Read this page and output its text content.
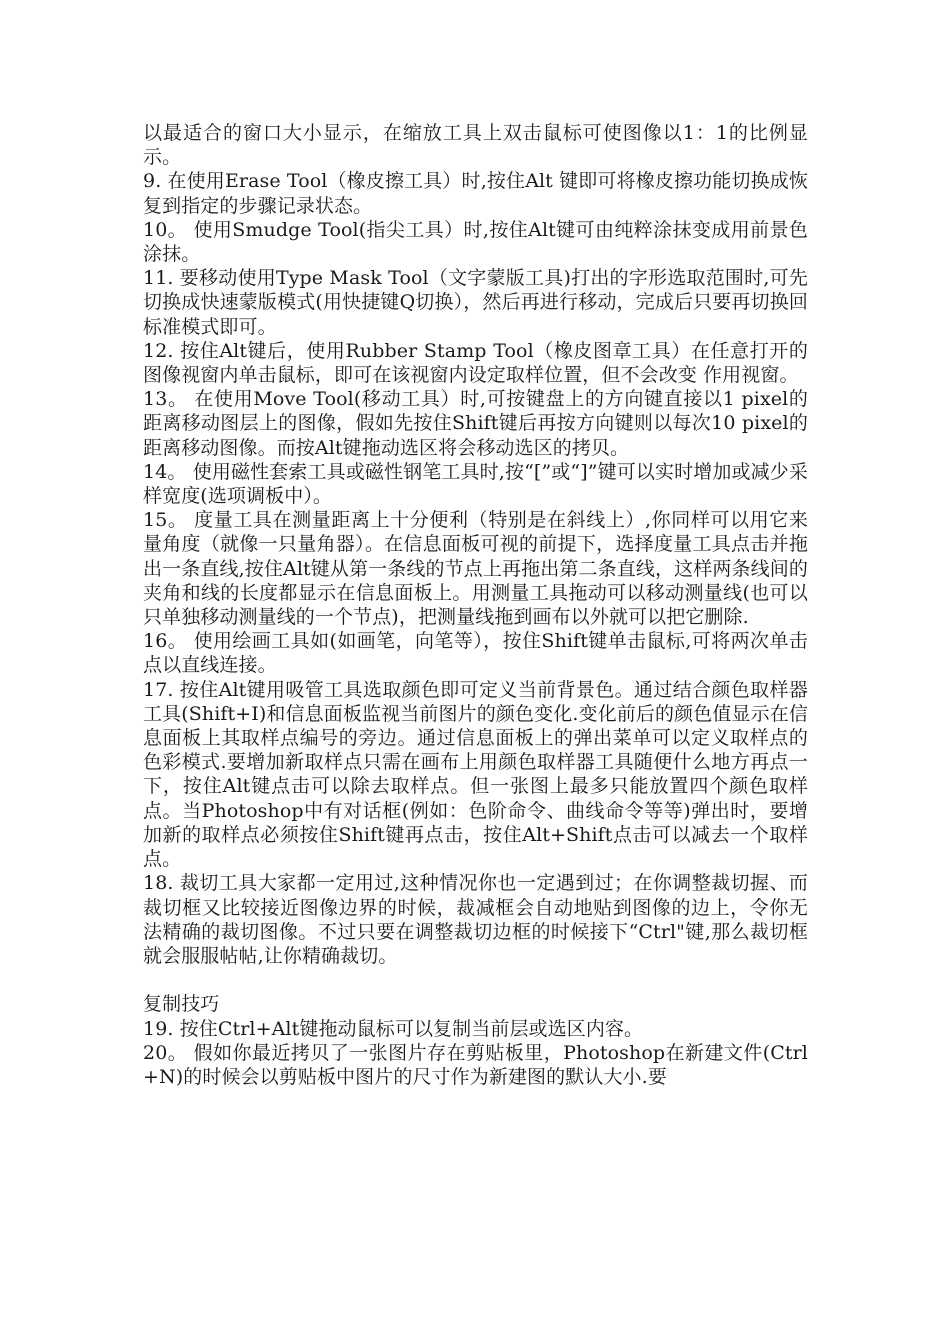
以最适合的窗口大小显示，在缩放工具上双击鼠标可使图像以1：1的比例显示。

9. 在使用Erase Tool（橡皮擦工具）时,按住Alt 键即可将橡皮擦功能切换成恢复到指定的步骤记录状态。

10。 使用Smudge Tool(指尖工具）时,按住Alt键可由纯粹涂抹变成用前景色涂抹。

11. 要移动使用Type Mask Tool（文字蒙版工具)打出的字形选取范围时,可先切换成快速蒙版模式(用快捷键Q切换），然后再进行移动，完成后只要再切换回标准模式即可。

12. 按住Alt键后，使用Rubber Stamp Tool（橡皮图章工具）在任意打开的图像视窗内单击鼠标，即可在该视窗内设定取样位置，但不会改变 作用视窗。

13。 在使用Move Tool(移动工具）时,可按键盘上的方向键直接以1 pixel的距离移动图层上的图像，假如先按住Shift键后再按方向键则以每次10 pixel的距离移动图像。而按Alt键拖动选区将会移动选区的拷贝。

14。 使用磁性套索工具或磁性钢笔工具时,按“[”或“]”键可以实时增加或减少采样宽度(选项调板中）。

15。 度量工具在测量距离上十分便利（特别是在斜线上）,你同样可以用它来量角度（就像一只量角器）。在信息面板可视的前提下，选择度量工具点击并拖出一条直线,按住Alt键从第一条线的节点上再拖出第二条直线，这样两条线间的夹角和线的长度都显示在信息面板上。用测量工具拖动可以移动测量线(也可以只单独移动测量线的一个节点)，把测量线拖到画布以外就可以把它删除.

16。 使用绘画工具如(如画笔，向笔等），按住Shift键单击鼠标,可将两次单击点以直线连接。

17. 按住Alt键用吸管工具选取颜色即可定义当前背景色。通过结合颜色取样器工具(Shift+I)和信息面板监视当前图片的颜色变化.变化前后的颜色值显示在信息面板上其取样点编号的旁边。通过信息面板上的弹出菜单可以定义取样点的色彩模式.要增加新取样点只需在画布上用颜色取样器工具随便什么地方再点一下，按住Alt键点击可以除去取样点。但一张图上最多只能放置四个颜色取样点。当Photoshop中有对话框(例如：色阶命令、曲线命令等等)弹出时，要增加新的取样点必须按住Shift键再点击，按住Alt+Shift点击可以减去一个取样点。

18. 裁切工具大家都一定用过,这种情况你也一定遇到过；在你调整裁切握、而裁切框又比较接近图像边界的时候，裁减框会自动地贴到图像的边上，令你无法精确的裁切图像。不过只要在调整裁切边框的时候接下“Ctrl"键,那么裁切框就会服服帖帖,让你精确裁切。

复制技巧

19. 按住Ctrl+Alt键拖动鼠标可以复制当前层或选区内容。

20。 假如你最近拷贝了一张图片存在剪贴板里，Photoshop在新建文件(Ctrl+N)的时候会以剪贴板中图片的尺寸作为新建图的默认大小.要
